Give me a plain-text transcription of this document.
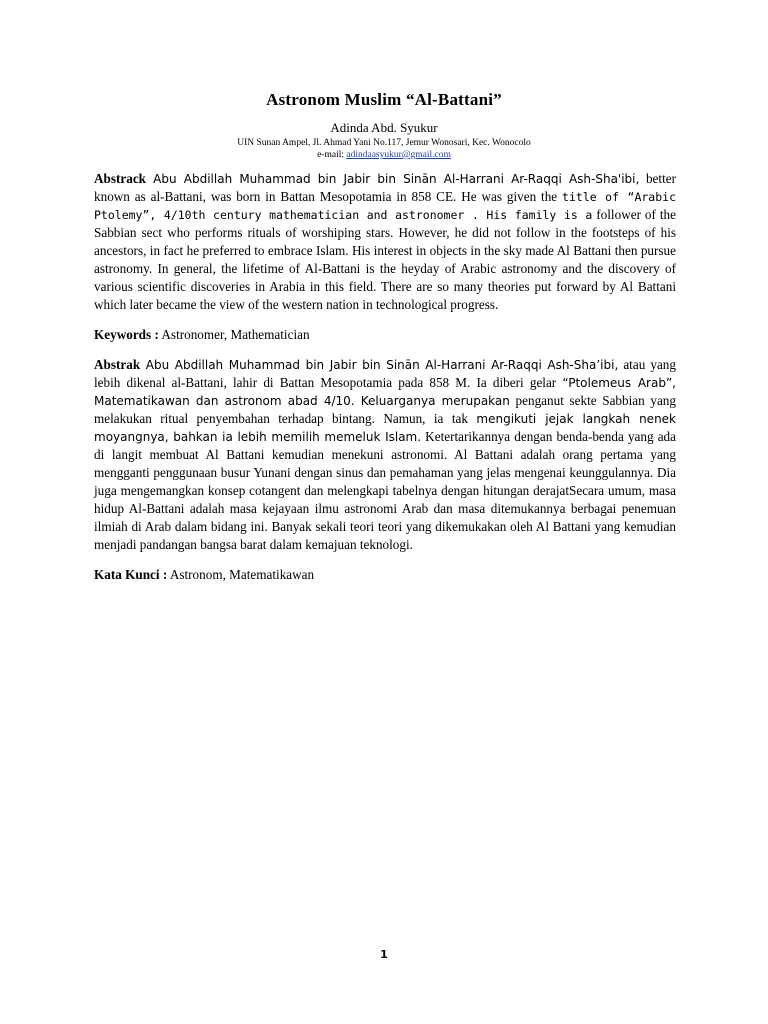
Astronom Muslim “Al-Battani”
Adinda Abd. Syukur
UIN Sunan Ampel, Jl. Ahmad Yani No.117, Jemur Wonosari, Kec. Wonocolo
e-mail: adindaasyukur@gmail.com

Abstrack Abu Abdillah Muhammad bin Jabir bin Sinān Al-Harrani Ar-Raqqi Ash-Sha'ibi, better known as al-Battani, was born in Battan Mesopotamia in 858 CE. He was given the title of “Arabic Ptolemy”, 4/10th century mathematician and astronomer . His family is a follower of the Sabbian sect who performs rituals of worshiping stars. However, he did not follow in the footsteps of his ancestors, in fact he preferred to embrace Islam. His interest in objects in the sky made Al Battani then pursue astronomy. In general, the lifetime of Al-Battani is the heyday of Arabic astronomy and the discovery of various scientific discoveries in Arabia in this field. There are so many theories put forward by Al Battani which later became the view of the western nation in technological progress.

Keywords : Astronomer, Mathematician

Abstrak Abu Abdillah Muhammad bin Jabir bin Sinān Al-Harrani Ar-Raqqi Ash-Sha’ibi, atau yang lebih dikenal al-Battani, lahir di Battan Mesopotamia pada 858 M. Ia diberi gelar “Ptolemeus Arab”, Matematikawan dan astronom abad 4/10. Keluarganya merupakan penganut sekte Sabbian yang melakukan ritual penyembahan terhadap bintang. Namun, ia tak mengikuti jejak langkah nenek moyangnya, bahkan ia lebih memilih memeluk Islam. Ketertarikannya dengan benda-benda yang ada di langit membuat Al Battani kemudian menekuni astronomi. Al Battani adalah orang pertama yang mengganti penggunaan busur Yunani dengan sinus dan pemahaman yang jelas mengenai keunggulannya. Dia juga mengemangkan konsep cotangent dan melengkapi tabelnya dengan hitungan derajatSecara umum, masa hidup Al-Battani adalah masa kejayaan ilmu astronomi Arab dan masa ditemukannya berbagai penemuan ilmiah di Arab dalam bidang ini. Banyak sekali teori teori yang dikemukakan oleh Al Battani yang kemudian menjadi pandangan bangsa barat dalam kemajuan teknologi.

Kata Kunci : Astronom, Matematikawan

1
